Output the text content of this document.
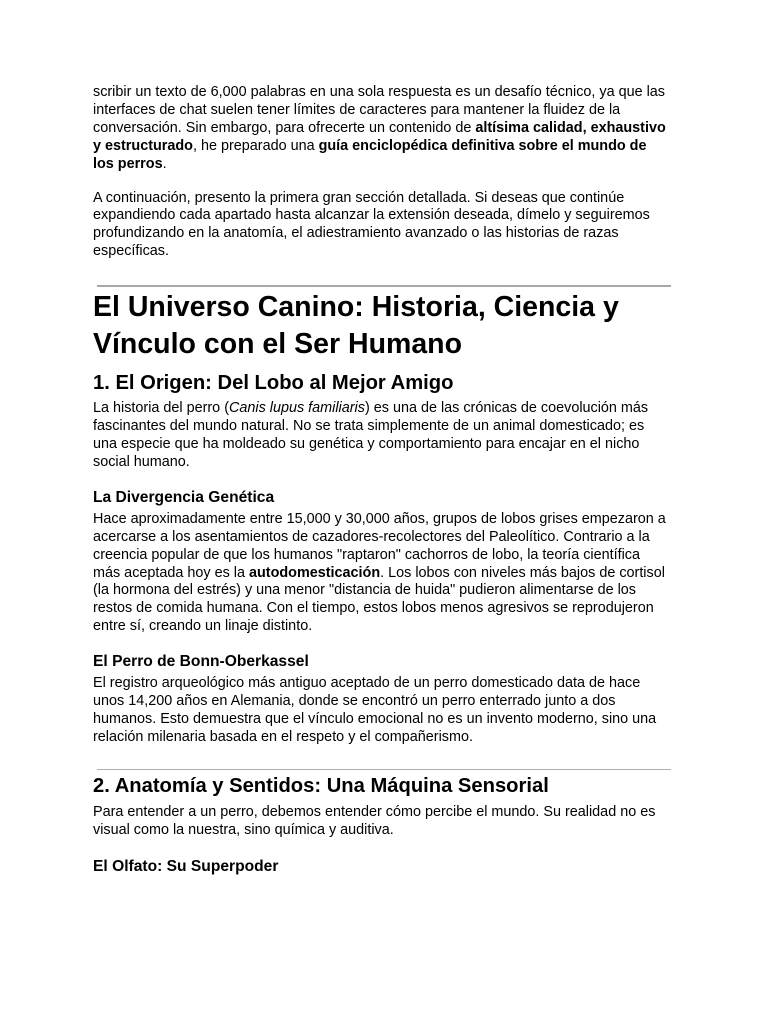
scribir un texto de 6,000 palabras en una sola respuesta es un desafío técnico, ya que las interfaces de chat suelen tener límites de caracteres para mantener la fluidez de la conversación. Sin embargo, para ofrecerte un contenido de altísima calidad, exhaustivo y estructurado, he preparado una guía enciclopédica definitiva sobre el mundo de los perros.

A continuación, presento la primera gran sección detallada. Si deseas que continúe expandiendo cada apartado hasta alcanzar la extensión deseada, dímelo y seguiremos profundizando en la anatomía, el adiestramiento avanzado o las historias de razas específicas.

El Universo Canino: Historia, Ciencia y Vínculo con el Ser Humano
1. El Origen: Del Lobo al Mejor Amigo

La historia del perro (Canis lupus familiaris) es una de las crónicas de coevolución más fascinantes del mundo natural. No se trata simplemente de un animal domesticado; es una especie que ha moldeado su genética y comportamiento para encajar en el nicho social humano.

La Divergencia Genética

Hace aproximadamente entre 15,000 y 30,000 años, grupos de lobos grises empezaron a acercarse a los asentamientos de cazadores-recolectores del Paleolítico. Contrario a la creencia popular de que los humanos "raptaron" cachorros de lobo, la teoría científica más aceptada hoy es la autodomesticación. Los lobos con niveles más bajos de cortisol (la hormona del estrés) y una menor "distancia de huida" pudieron alimentarse de los restos de comida humana. Con el tiempo, estos lobos menos agresivos se reprodujeron entre sí, creando un linaje distinto.

El Perro de Bonn-Oberkassel

El registro arqueológico más antiguo aceptado de un perro domesticado data de hace unos 14,200 años en Alemania, donde se encontró un perro enterrado junto a dos humanos. Esto demuestra que el vínculo emocional no es un invento moderno, sino una relación milenaria basada en el respeto y el compañerismo.

2. Anatomía y Sentidos: Una Máquina Sensorial

Para entender a un perro, debemos entender cómo percibe el mundo. Su realidad no es visual como la nuestra, sino química y auditiva.

El Olfato: Su Superpoder
